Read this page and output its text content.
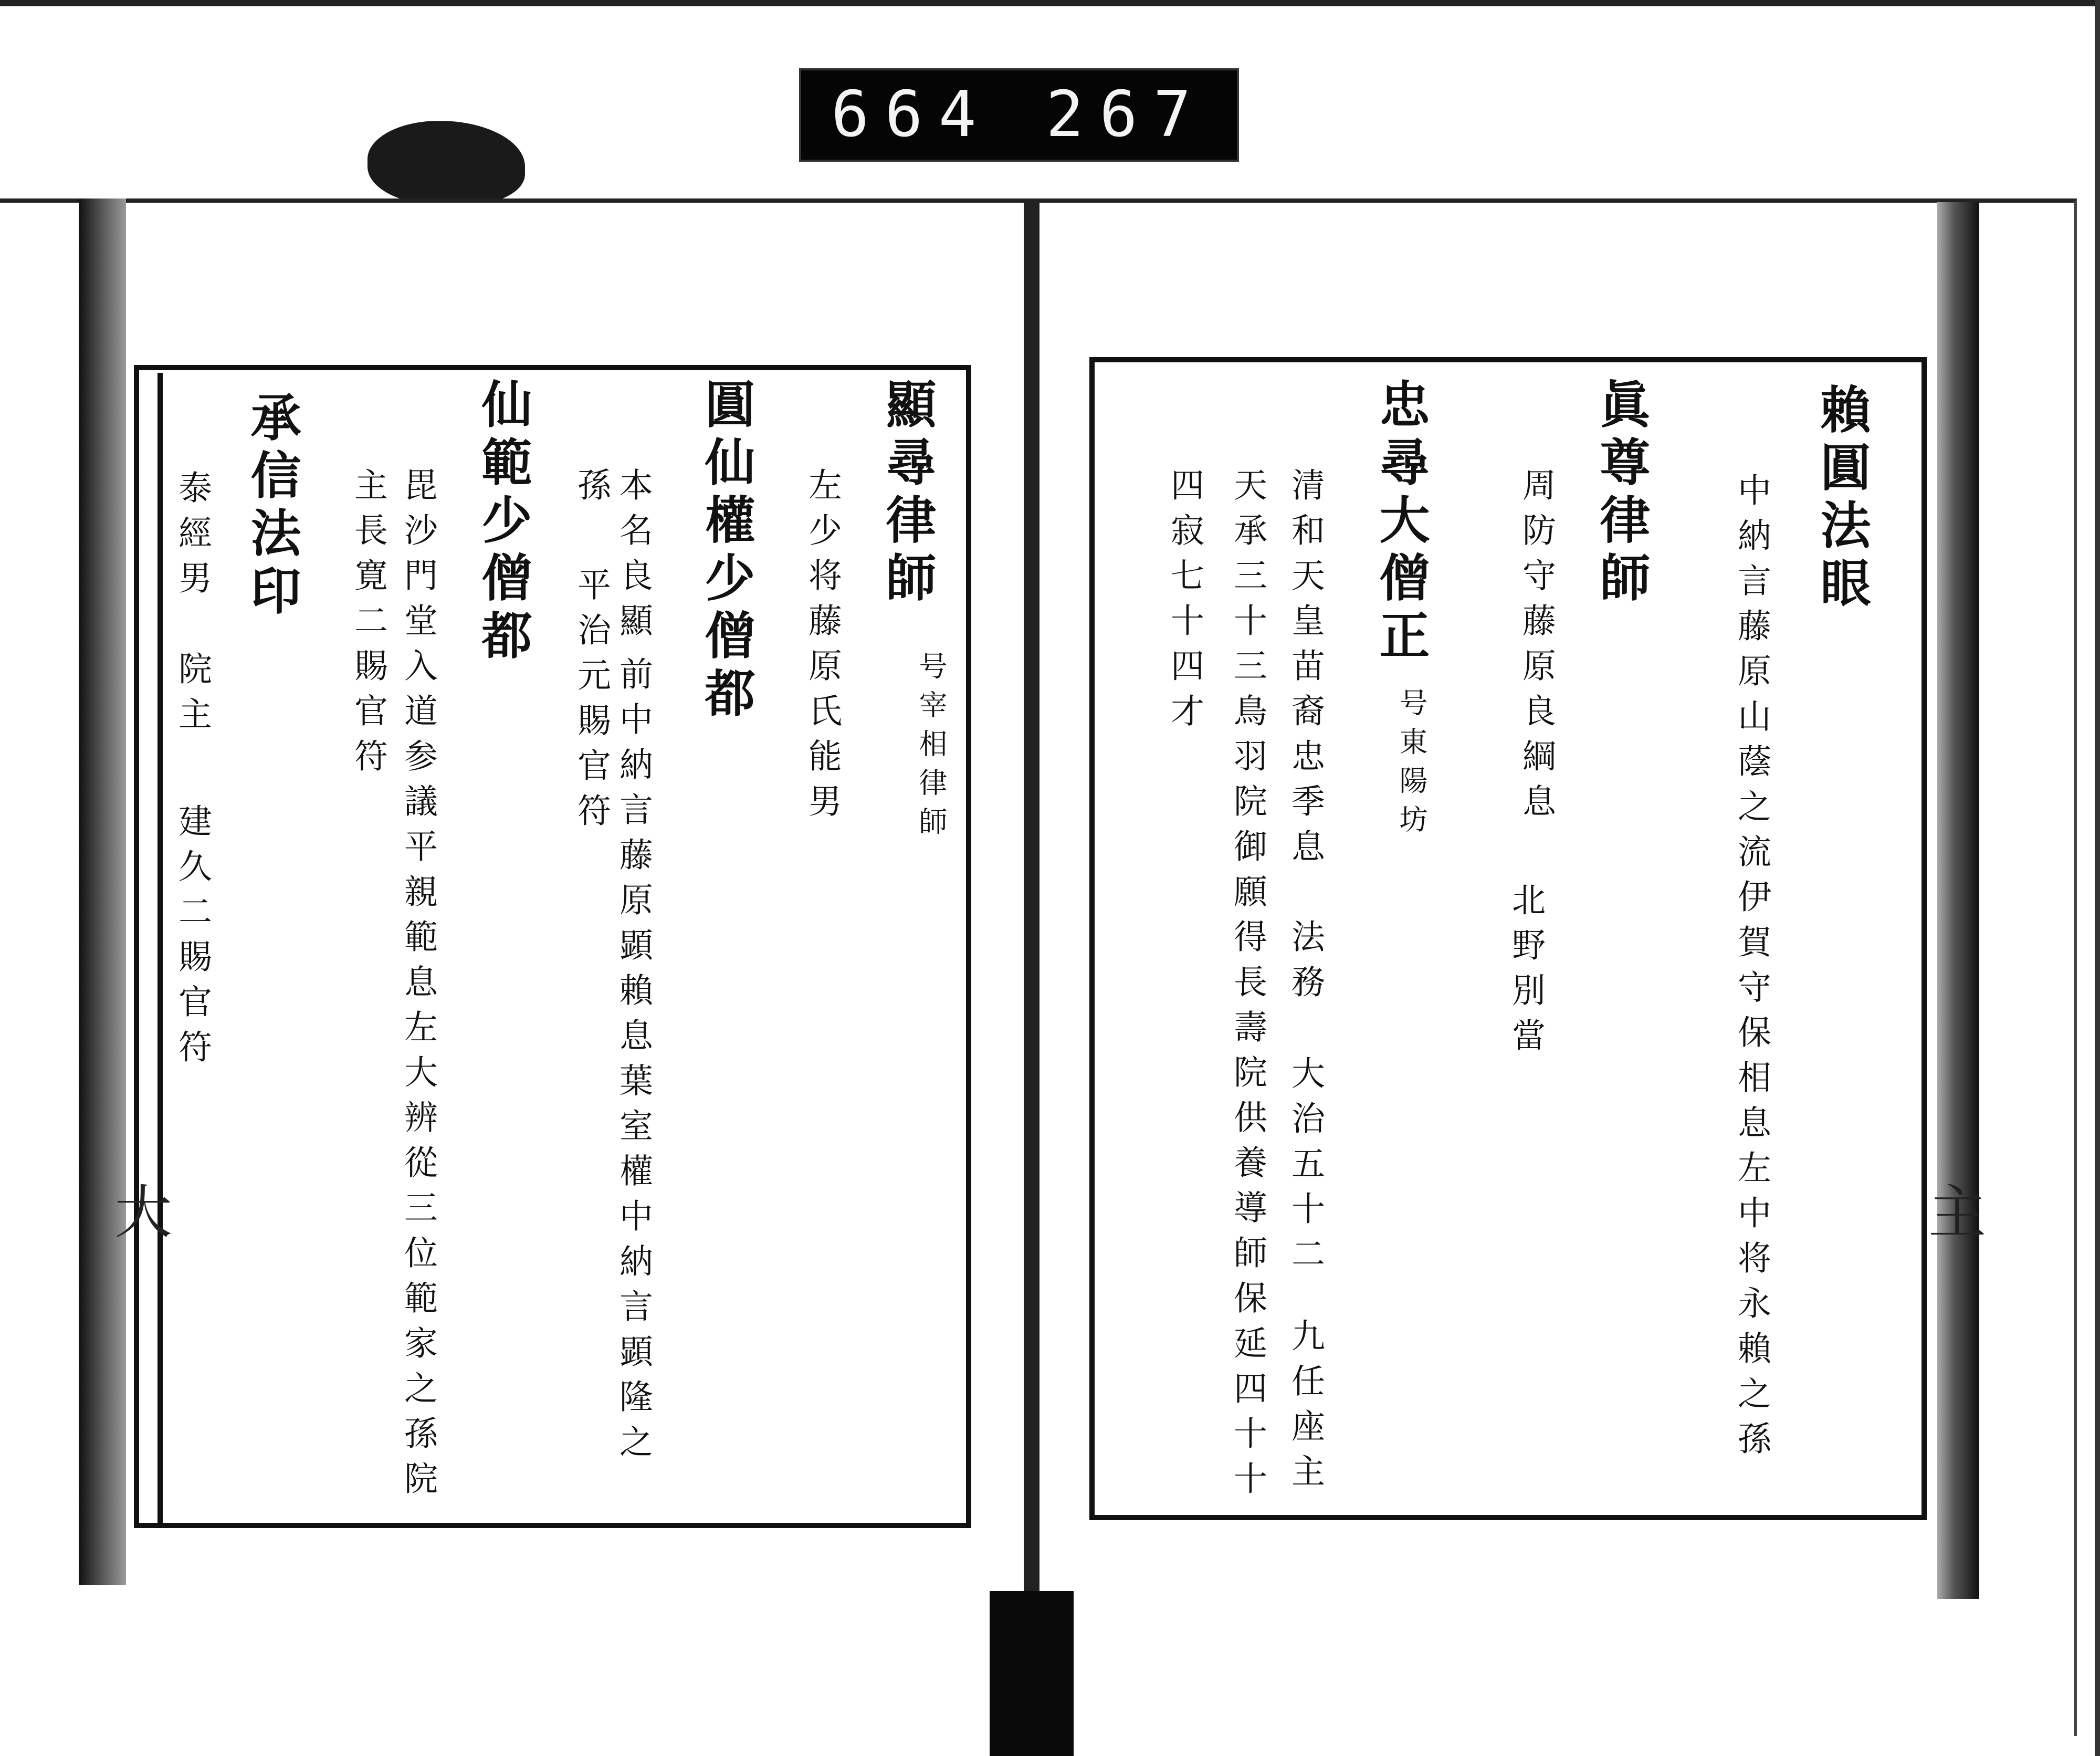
664 267
大	主
賴圓法眼
中納言藤原山蔭之流伊賀守保相息左中将永賴之孫
眞尊律師
周防守藤原良綱息
北野別當
忠尋大僧正
号東陽坊
清和天皇苗裔忠季息
法務
大治五十二
九任座主
天承三十三鳥羽院御願得長壽院供養導師保延四十十
四寂七十四才
顯尋律師
号宰相律師
左少将藤原氏能男
圓仙權少僧都
本名良顯
前中納言藤原顕賴息葉室權中納言顕隆之
孫
平治元賜官符
仙範少僧都
毘沙門堂入道参議平親範息左大辨從三位範家之孫院
主長寛二賜官符
承信法印
泰經男
院主
建久二賜官符
